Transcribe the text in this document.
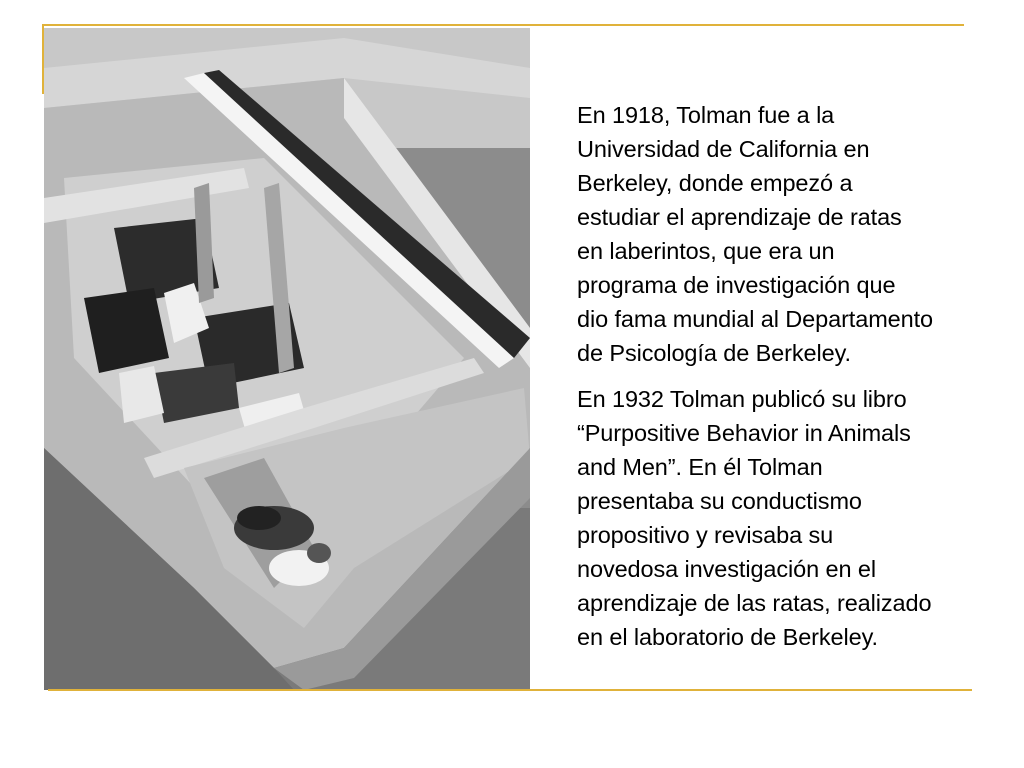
En 1918, Tolman fue a la
Universidad de California en
Berkeley, donde empezó a
estudiar el aprendizaje de ratas
en laberintos, que era un
programa de investigación que
dio fama mundial al Departamento
de Psicología de Berkeley.

En 1932 Tolman publicó su libro
“Purpositive Behavior in Animals
and Men”. En él Tolman
presentaba su conductismo
propositivo y revisaba su
novedosa investigación en el
aprendizaje de las ratas, realizado
en el laboratorio de Berkeley.
